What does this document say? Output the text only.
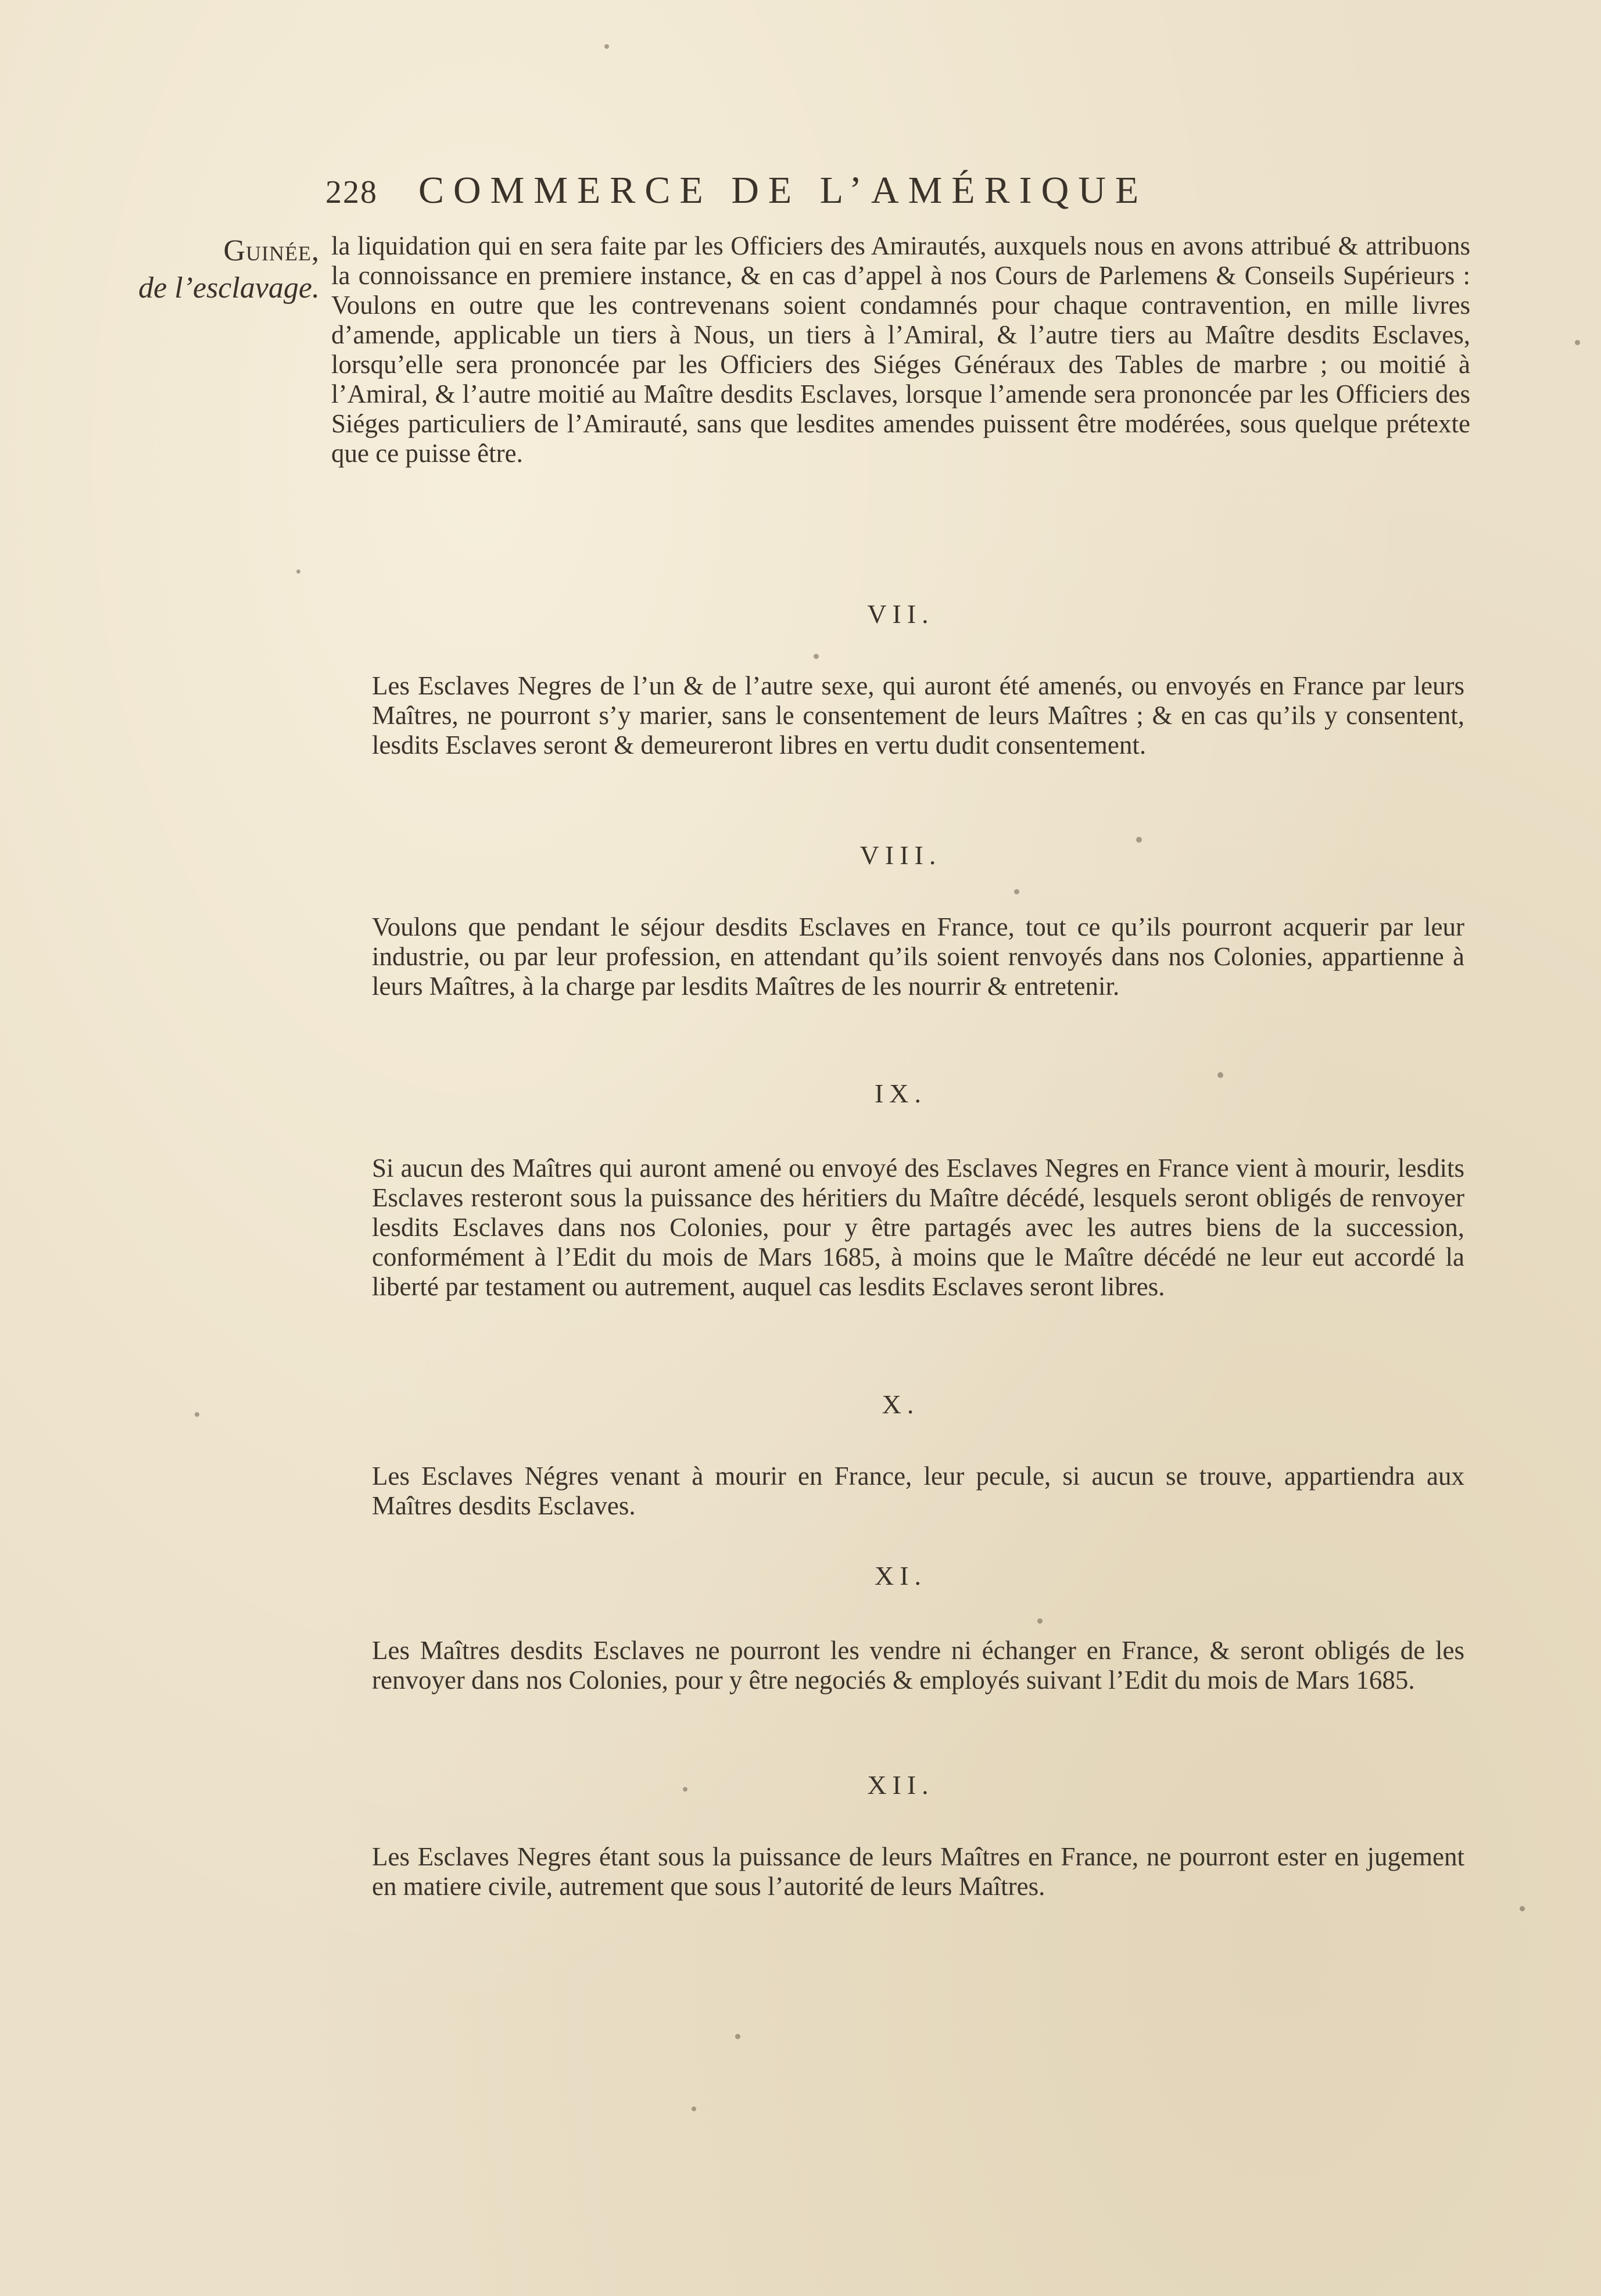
228 COMMERCE DE L’AMÉRIQUE
Guinée,
de l’esclavage.

la liquidation qui en sera faite par les Officiers des Amirautés, auxquels nous en avons attribué & attribuons la connoissance en premiere instance, & en cas d’appel à nos Cours de Parlemens & Conseils Supérieurs : Voulons en outre que les contrevenans soient condamnés pour chaque contravention, en mille livres d’amende, applicable un tiers à Nous, un tiers à l’Amiral, & l’autre tiers au Maître desdits Esclaves, lorsqu’elle sera prononcée par les Officiers des Siéges Généraux des Tables de marbre ; ou moitié à l’Amiral, & l’autre moitié au Maître desdits Esclaves, lorsque l’amende sera prononcée par les Officiers des Siéges particuliers de l’Amirauté, sans que lesdites amendes puissent être modérées, sous quelque prétexte que ce puisse être.

VII.

Les Esclaves Negres de l’un & de l’autre sexe, qui auront été amenés, ou envoyés en France par leurs Maîtres, ne pourront s’y marier, sans le consentement de leurs Maîtres ; & en cas qu’ils y consentent, lesdits Esclaves seront & demeureront libres en vertu dudit consentement.

VIII.

Voulons que pendant le séjour desdits Esclaves en France, tout ce qu’ils pourront acquerir par leur industrie, ou par leur profession, en attendant qu’ils soient renvoyés dans nos Colonies, appartienne à leurs Maîtres, à la charge par lesdits Maîtres de les nourrir & entretenir.

IX.

Si aucun des Maîtres qui auront amené ou envoyé des Esclaves Negres en France vient à mourir, lesdits Esclaves resteront sous la puissance des héritiers du Maître décédé, lesquels seront obligés de renvoyer lesdits Esclaves dans nos Colonies, pour y être partagés avec les autres biens de la succession, conformément à l’Edit du mois de Mars 1685, à moins que le Maître décédé ne leur eut accordé la liberté par testament ou autrement, auquel cas lesdits Esclaves seront libres.

X.

Les Esclaves Négres venant à mourir en France, leur pecule, si aucun se trouve, appartiendra aux Maîtres desdits Esclaves.

XI.

Les Maîtres desdits Esclaves ne pourront les vendre ni échanger en France, & seront obligés de les renvoyer dans nos Colonies, pour y être negociés & employés suivant l’Edit du mois de Mars 1685.

XII.

Les Esclaves Negres étant sous la puissance de leurs Maîtres en France, ne pourront ester en jugement en matiere civile, autrement que sous l’autorité de leurs Maîtres.
